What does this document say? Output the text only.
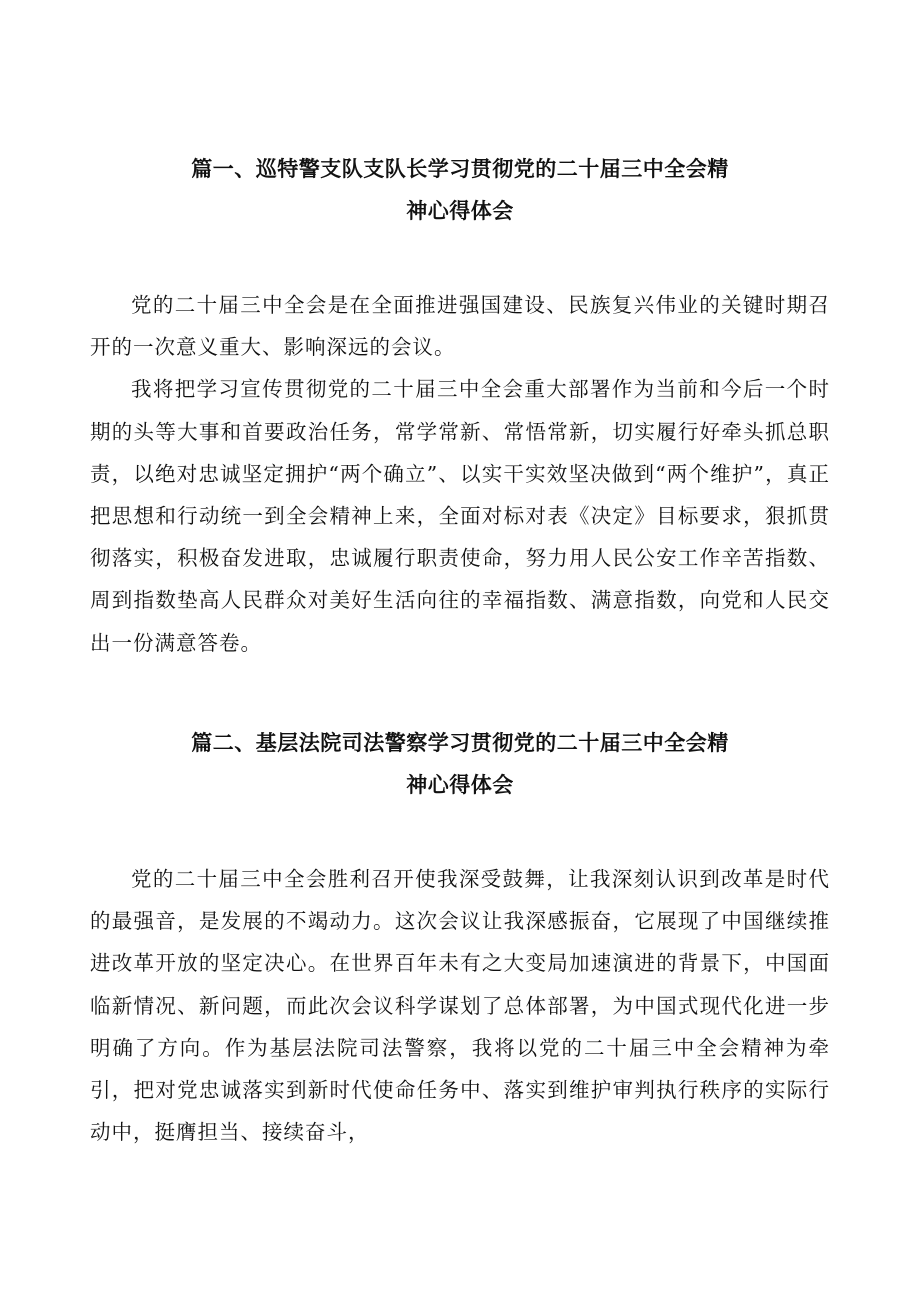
篇一、巡特警支队支队长学习贯彻党的二十届三中全会精
神心得体会

党的二十届三中全会是在全面推进强国建设、民族复兴伟业的关键时期召开的一次意义重大、影响深远的会议。

我将把学习宣传贯彻党的二十届三中全会重大部署作为当前和今后一个时期的头等大事和首要政治任务，常学常新、常悟常新，切实履行好牵头抓总职责，以绝对忠诚坚定拥护“两个确立”、以实干实效坚决做到“两个维护”，真正把思想和行动统一到全会精神上来，全面对标对表《决定》目标要求，狠抓贯彻落实，积极奋发进取，忠诚履行职责使命，努力用人民公安工作辛苦指数、周到指数垫高人民群众对美好生活向往的幸福指数、满意指数，向党和人民交出一份满意答卷。

篇二、基层法院司法警察学习贯彻党的二十届三中全会精
神心得体会

党的二十届三中全会胜利召开使我深受鼓舞，让我深刻认识到改革是时代的最强音，是发展的不竭动力。这次会议让我深感振奋，它展现了中国继续推进改革开放的坚定决心。在世界百年未有之大变局加速演进的背景下，中国面临新情况、新问题，而此次会议科学谋划了总体部署，为中国式现代化进一步明确了方向。作为基层法院司法警察，我将以党的二十届三中全会精神为牵引，把对党忠诚落实到新时代使命任务中、落实到维护审判执行秩序的实际行动中，挺膺担当、接续奋斗，
